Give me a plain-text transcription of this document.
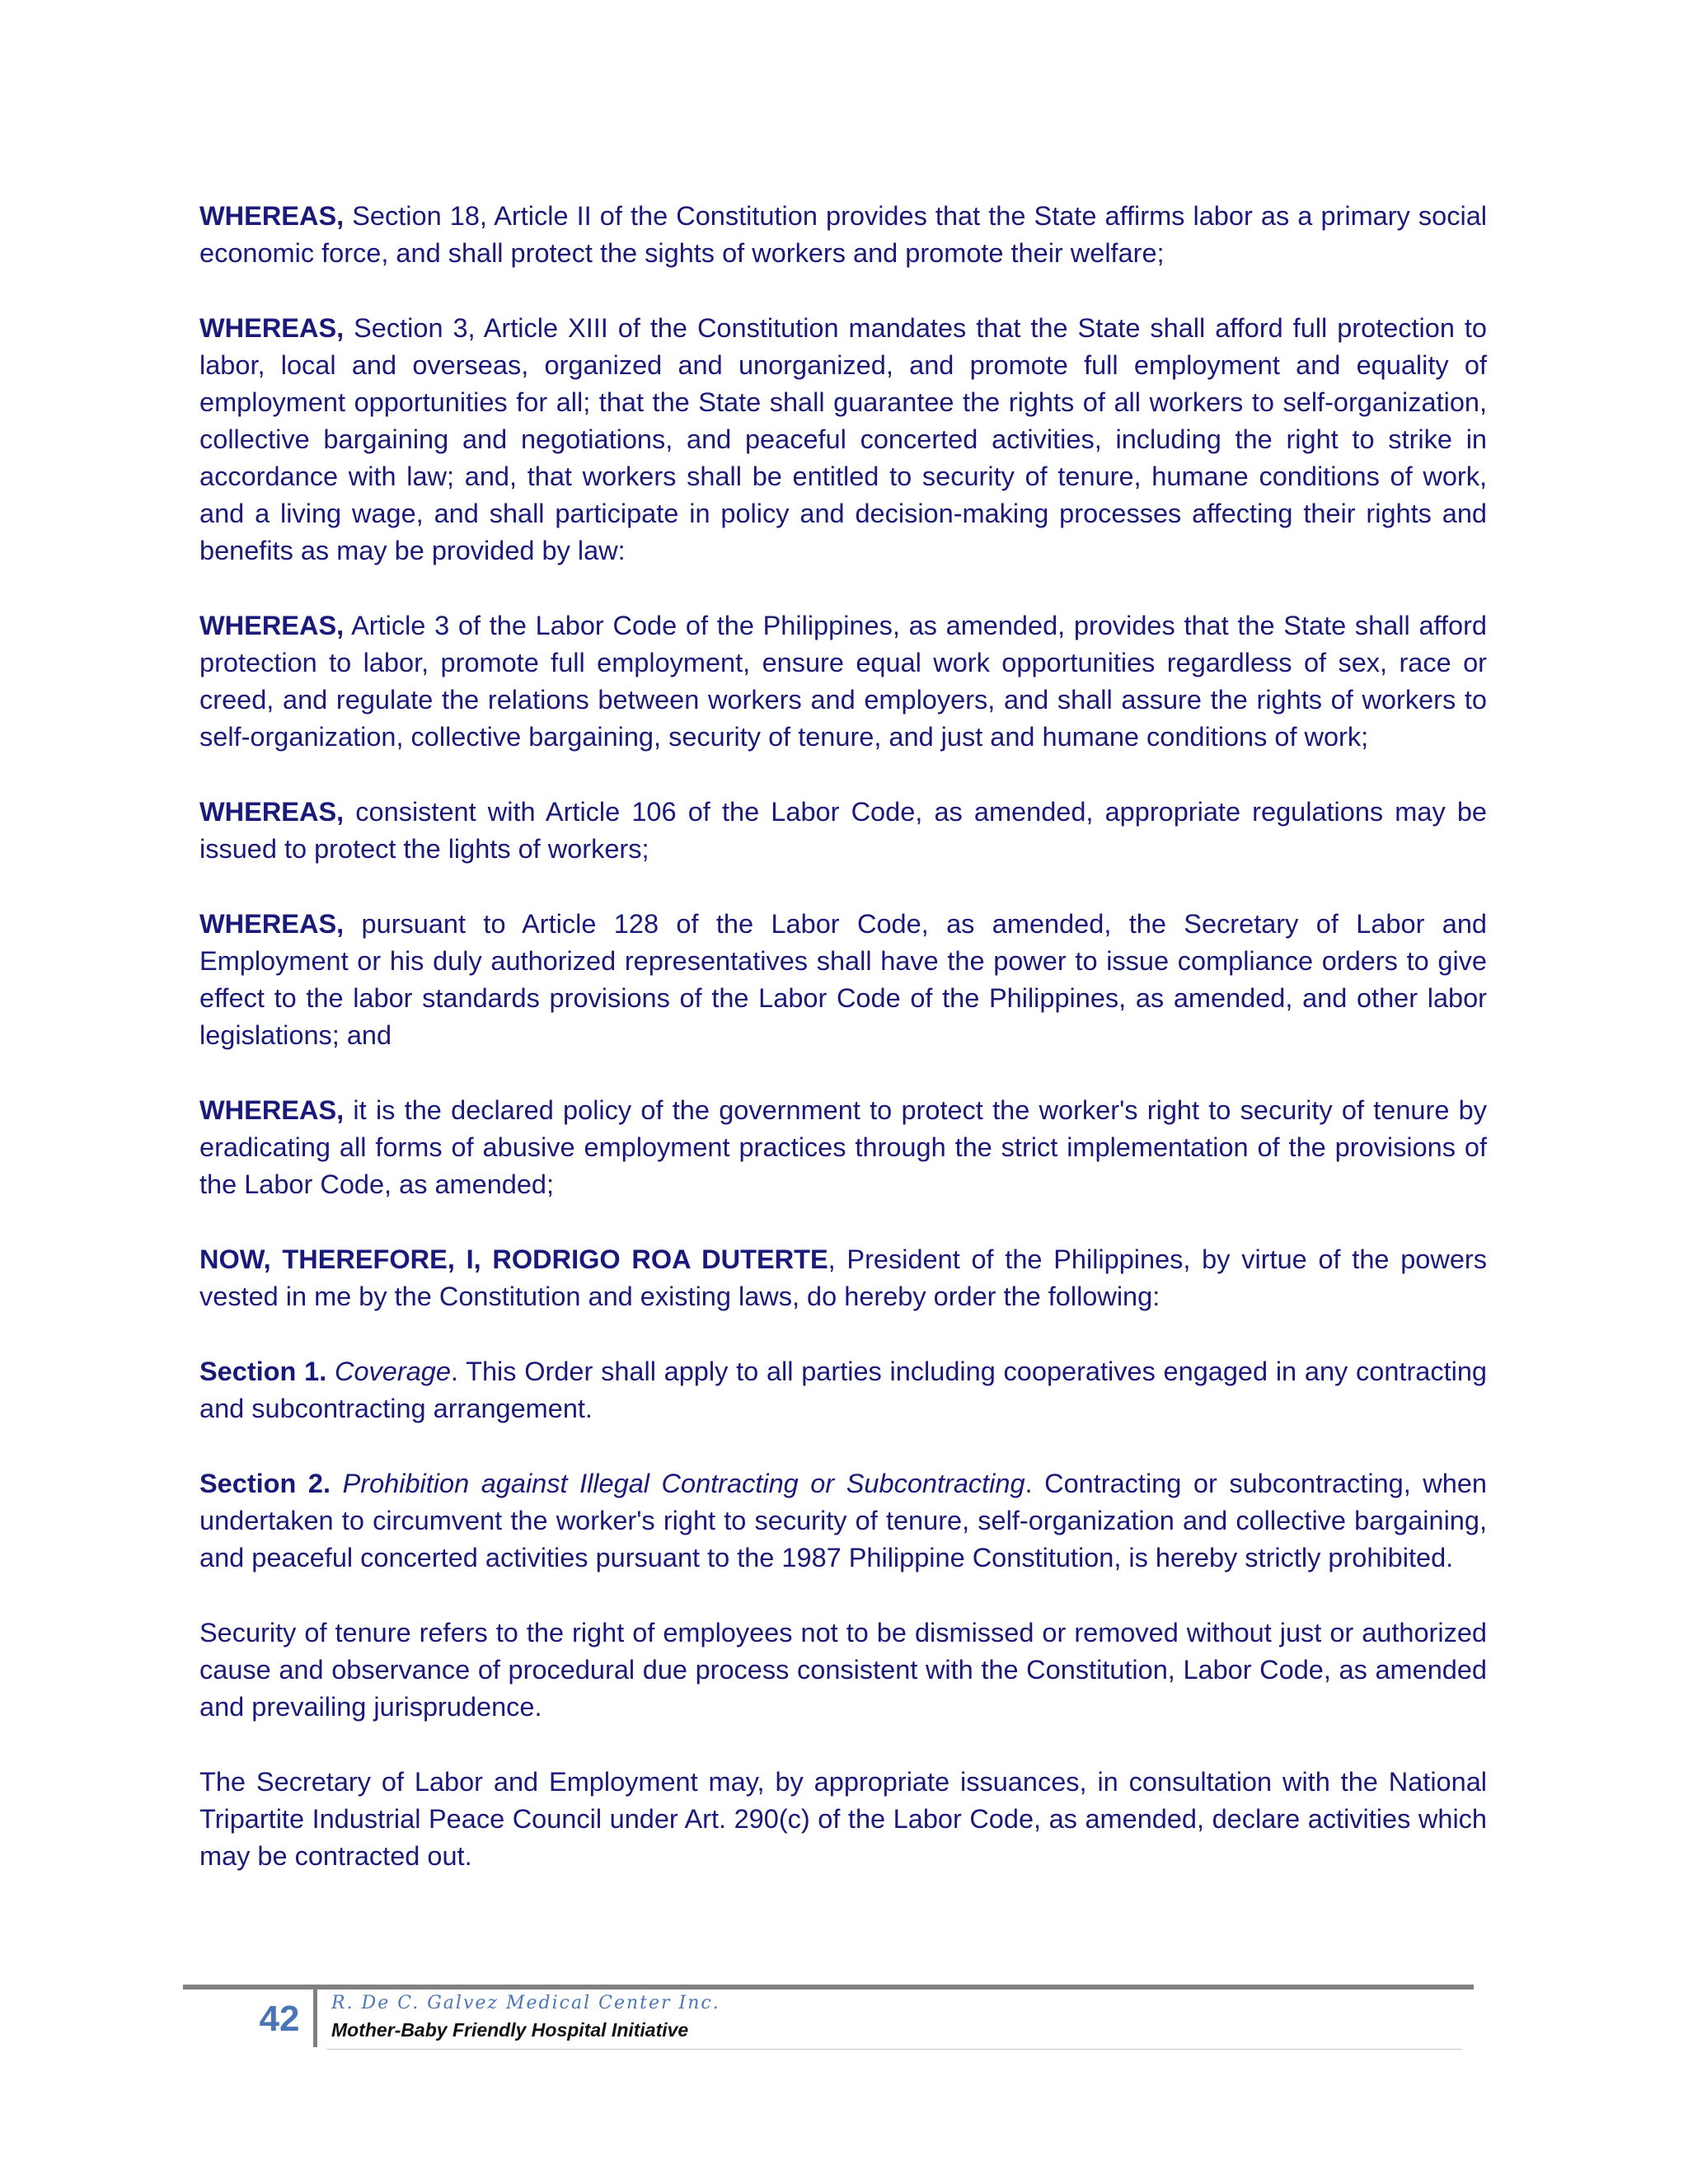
WHEREAS, Section 18, Article II of the Constitution provides that the State affirms labor as a primary social economic force, and shall protect the sights of workers and promote their welfare;

WHEREAS, Section 3, Article XIII of the Constitution mandates that the State shall afford full protection to labor, local and overseas, organized and unorganized, and promote full employment and equality of employment opportunities for all; that the State shall guarantee the rights of all workers to self-organization, collective bargaining and negotiations, and peaceful concerted activities, including the right to strike in accordance with law; and, that workers shall be entitled to security of tenure, humane conditions of work, and a living wage, and shall participate in policy and decision-making processes affecting their rights and benefits as may be provided by law:

WHEREAS, Article 3 of the Labor Code of the Philippines, as amended, provides that the State shall afford protection to labor, promote full employment, ensure equal work opportunities regardless of sex, race or creed, and regulate the relations between workers and employers, and shall assure the rights of workers to self-organization, collective bargaining, security of tenure, and just and humane conditions of work;

WHEREAS, consistent with Article 106 of the Labor Code, as amended, appropriate regulations may be issued to protect the lights of workers;

WHEREAS, pursuant to Article 128 of the Labor Code, as amended, the Secretary of Labor and Employment or his duly authorized representatives shall have the power to issue compliance orders to give effect to the labor standards provisions of the Labor Code of the Philippines, as amended, and other labor legislations; and

WHEREAS, it is the declared policy of the government to protect the worker's right to security of tenure by eradicating all forms of abusive employment practices through the strict implementation of the provisions of the Labor Code, as amended;

NOW, THEREFORE, I, RODRIGO ROA DUTERTE, President of the Philippines, by virtue of the powers vested in me by the Constitution and existing laws, do hereby order the following:

Section 1. Coverage. This Order shall apply to all parties including cooperatives engaged in any contracting and subcontracting arrangement.

Section 2. Prohibition against Illegal Contracting or Subcontracting. Contracting or subcontracting, when undertaken to circumvent the worker's right to security of tenure, self-organization and collective bargaining, and peaceful concerted activities pursuant to the 1987 Philippine Constitution, is hereby strictly prohibited.

Security of tenure refers to the right of employees not to be dismissed or removed without just or authorized cause and observance of procedural due process consistent with the Constitution, Labor Code, as amended and prevailing jurisprudence.

The Secretary of Labor and Employment may, by appropriate issuances, in consultation with the National Tripartite Industrial Peace Council under Art. 290(c) of the Labor Code, as amended, declare activities which may be contracted out.

42	R. De C. Galvez Medical Center Inc.
Mother-Baby Friendly Hospital Initiative
